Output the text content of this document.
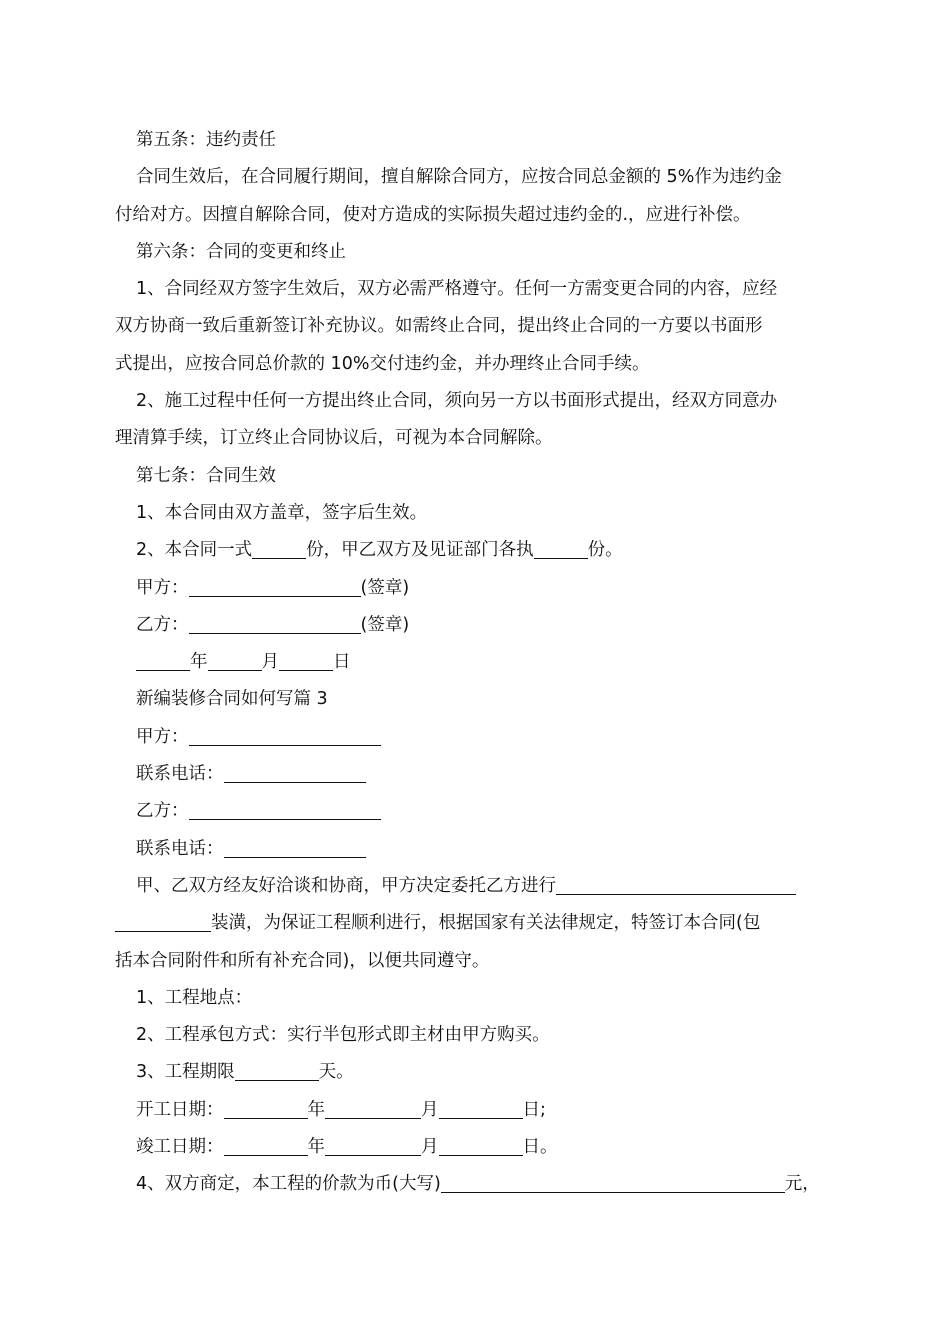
第五条：违约责任
合同生效后，在合同履行期间，擅自解除合同方，应按合同总金额的 5%作为违约金
付给对方。因擅自解除合同，使对方造成的实际损失超过违约金的.，应进行补偿。
第六条：合同的变更和终止
1、合同经双方签字生效后，双方必需严格遵守。任何一方需变更合同的内容，应经
双方协商一致后重新签订补充协议。如需终止合同，提出终止合同的一方要以书面形
式提出，应按合同总价款的 10%交付违约金，并办理终止合同手续。
2、施工过程中任何一方提出终止合同，须向另一方以书面形式提出，经双方同意办
理清算手续，订立终止合同协议后，可视为本合同解除。
第七条：合同生效
1、本合同由双方盖章，签字后生效。
2、本合同一式	份，甲乙双方及见证部门各执	份。
甲方：	(签章)
乙方：	(签章)
年	月	日
新编装修合同如何写篇 3
甲方：
联系电话：
乙方：
联系电话：
甲、乙双方经友好洽谈和协商，甲方决定委托乙方进行
装潢，为保证工程顺利进行，根据国家有关法律规定，特签订本合同(包
括本合同附件和所有补充合同)，以便共同遵守。
1、工程地点：
2、工程承包方式：实行半包形式即主材由甲方购买。
3、工程期限	天。
开工日期：	年	月	日;
竣工日期：	年	月	日。
4、双方商定，本工程的价款为币(大写)	元，
